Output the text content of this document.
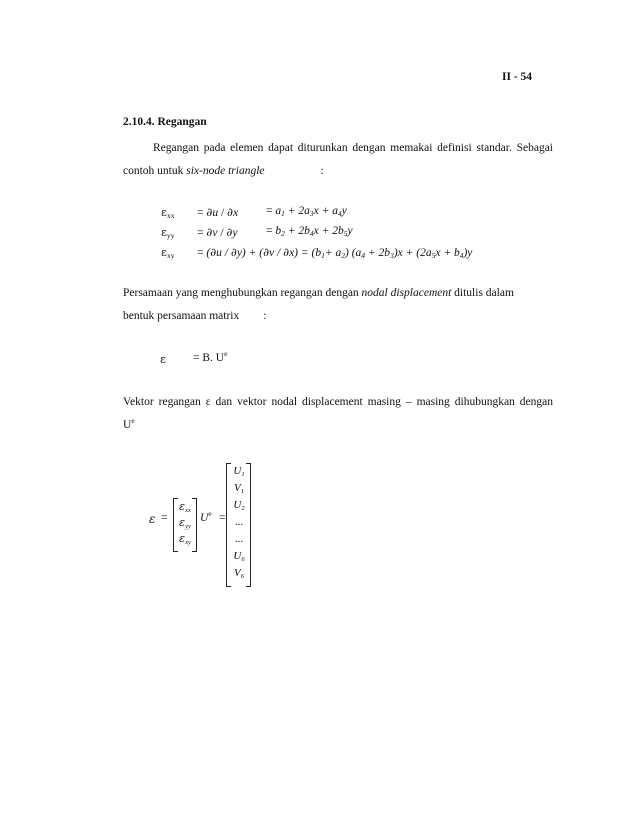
II - 54
2.10.4. Regangan
Regangan pada elemen dapat diturunkan dengan memakai definisi standar. Sebagai
contoh untuk six-node triangle	:
$\varepsilon_{xx} = \partial u / \partial x = a_1 + 2a_3x + a_4y$
$\varepsilon_{yy} = \partial v / \partial y = b_2 + 2b_4x + 2b_5y$
$\varepsilon_{xy} = (\partial u / \partial y) + (\partial v / \partial x) = (b_1+ a_2) (a_4 + 2b_3)x + (2a_5x + b_4)y$
Persamaan yang menghubungkan regangan dengan nodal displacement ditulis dalam
bentuk persamaan matrix :
ε = B. $U^e$
Vektor regangan ε dan vektor nodal displacement masing – masing dihubungkan dengan
$U^e$
ε =
$\varepsilon_{xx}$
$\varepsilon_{yy}$
$\varepsilon_{xy}$
$U^e$ =
$U_1$
$V_1$
$U_2$
...
...
$U_6$
$V_6$
